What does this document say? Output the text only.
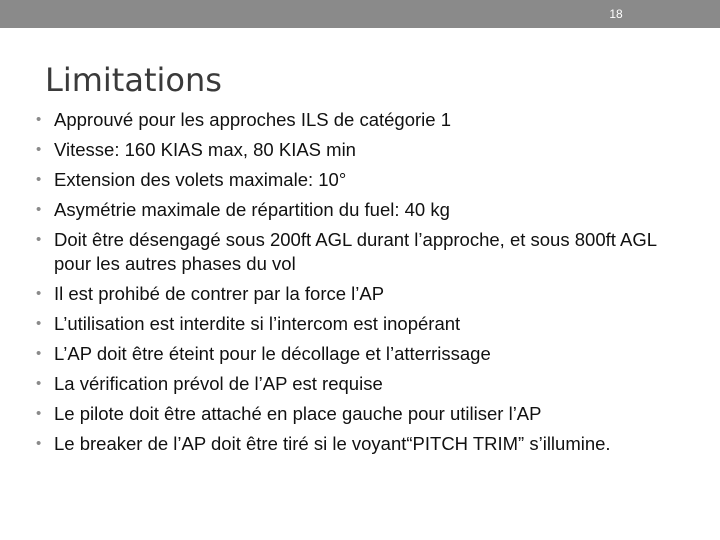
18
Limitations
• Approuvé pour les approches ILS de catégorie 1
• Vitesse: 160 KIAS max, 80 KIAS min
• Extension des volets maximale: 10°
• Asymétrie maximale de répartition du fuel: 40 kg
• Doit être désengagé sous 200ft AGL durant l’approche, et sous 800ft AGL pour les autres phases du vol
• Il est prohibé de contrer par la force l’AP
• L’utilisation est interdite si l’intercom est inopérant
• L’AP doit être éteint pour le décollage et l’atterrissage
• La vérification prévol de l’AP est requise
• Le pilote doit être attaché en place gauche pour utiliser l’AP
• Le breaker de l’AP doit être tiré si le voyant“PITCH TRIM” s’illumine.
